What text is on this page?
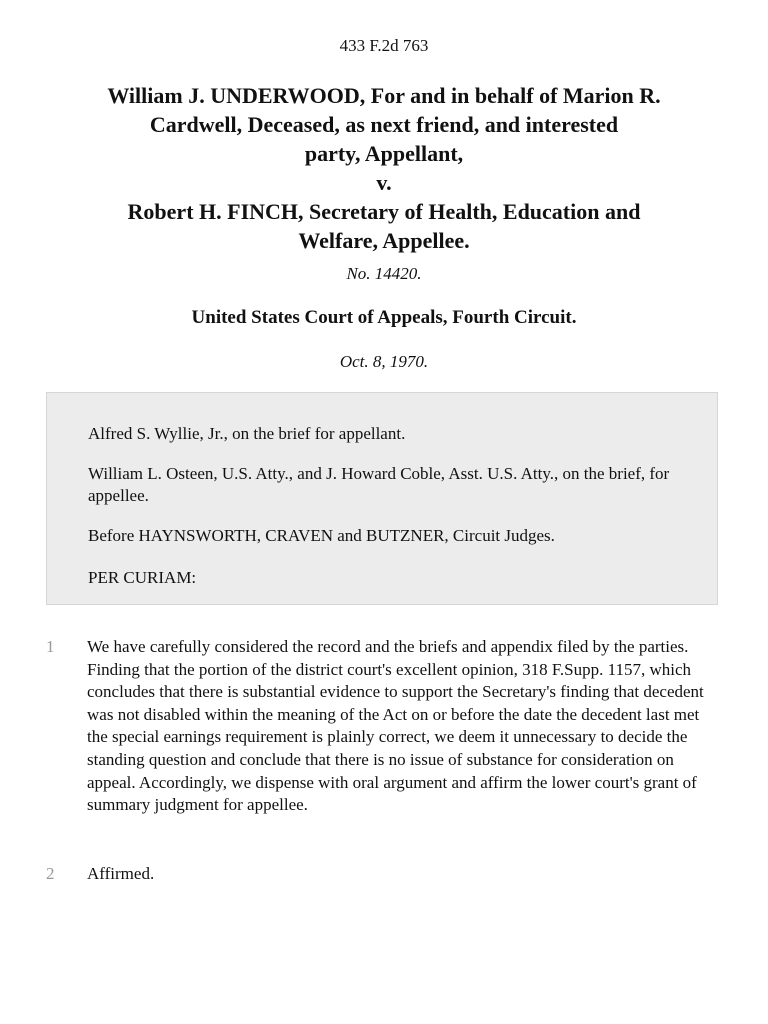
433 F.2d 763
William J. UNDERWOOD, For and in behalf of Marion R.
Cardwell, Deceased, as next friend, and interested
party, Appellant,
v.
Robert H. FINCH, Secretary of Health, Education and
Welfare, Appellee.
No. 14420.
United States Court of Appeals, Fourth Circuit.
Oct. 8, 1970.

Alfred S. Wyllie, Jr., on the brief for appellant.

William L. Osteen, U.S. Atty., and J. Howard Coble, Asst. U.S. Atty., on the brief, for appellee.

Before HAYNSWORTH, CRAVEN and BUTZNER, Circuit Judges.

PER CURIAM:

1 We have carefully considered the record and the briefs and appendix filed by the parties. Finding that the portion of the district court's excellent opinion, 318 F.Supp. 1157, which concludes that there is substantial evidence to support the Secretary's finding that decedent was not disabled within the meaning of the Act on or before the date the decedent last met the special earnings requirement is plainly correct, we deem it unnecessary to decide the standing question and conclude that there is no issue of substance for consideration on appeal. Accordingly, we dispense with oral argument and affirm the lower court's grant of summary judgment for appellee.

2 Affirmed.
